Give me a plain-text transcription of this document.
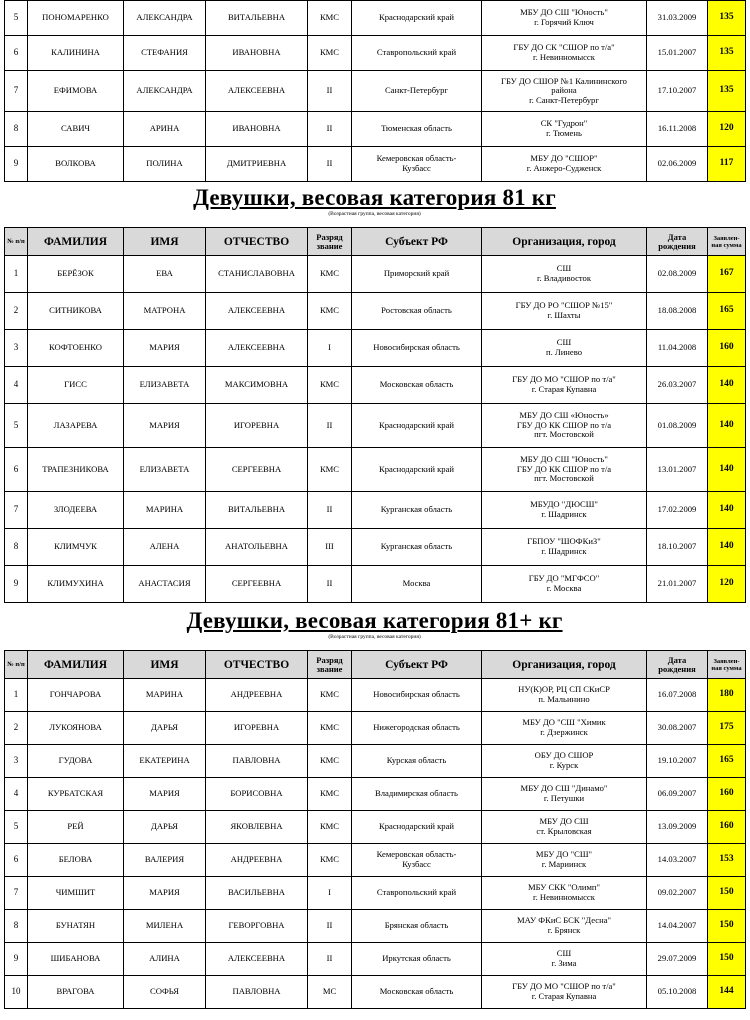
5	ПОНОМАРЕНКО	АЛЕКСАНДРА	ВИТАЛЬЕВНА	КМС	Краснодарский край	МБУ ДО СШ "Юность"
г. Горячий Ключ	31.03.2009	135
6	КАЛИНИНА	СТЕФАНИЯ	ИВАНОВНА	КМС	Ставропольский край	ГБУ ДО СК "СШОР по т/а"
г. Невинномысск	15.01.2007	135
7	ЕФИМОВА	АЛЕКСАНДРА	АЛЕКСЕЕВНА	II	Санкт-Петербург	ГБУ ДО СШОР №1 Калининского
района
г. Санкт-Петербург	17.10.2007	135
8	САВИЧ	АРИНА	ИВАНОВНА	II	Тюменская область	СК "Гудрон"
г. Тюмень	16.11.2008	120
9	ВОЛКОВА	ПОЛИНА	ДМИТРИЕВНА	II	Кемеровская область-
Кузбасс	МБУ ДО "СШОР"
г. Анжеро-Судженск	02.06.2009	117
Девушки, весовая категория 81 кг

(Возрастная группа, весовая категория)

№ п/п	ФАМИЛИЯ	ИМЯ	ОТЧЕСТВО	Разряд звание	Субъект РФ	Организация, город	Дата рождения	Заявлен- ная сумма
1	БЕРЁЗОК	ЕВА	СТАНИСЛАВОВНА	КМС	Приморский край	СШ
г. Владивосток	02.08.2009	167
2	СИТНИКОВА	МАТРОНА	АЛЕКСЕЕВНА	КМС	Ростовская область	ГБУ ДО РО "СШОР №15"
г. Шахты	18.08.2008	165
3	КОФТОЕНКО	МАРИЯ	АЛЕКСЕЕВНА	I	Новосибирская область	СШ
п. Линево	11.04.2008	160
4	ГИСС	ЕЛИЗАВЕТА	МАКСИМОВНА	КМС	Московская область	ГБУ ДО МО "СШОР по т/а"
г. Старая Купавна	26.03.2007	140
5	ЛАЗАРЕВА	МАРИЯ	ИГОРЕВНА	II	Краснодарский край	МБУ ДО СШ «Юность»
ГБУ ДО КК СШОР по т/а
пгт. Мостовской	01.08.2009	140
6	ТРАПЕЗНИКОВА	ЕЛИЗАВЕТА	СЕРГЕЕВНА	КМС	Краснодарский край	МБУ ДО СШ "Юность"
ГБУ ДО КК СШОР по т/а
пгт. Мостовской	13.01.2007	140
7	ЗЛОДЕЕВА	МАРИНА	ВИТАЛЬЕВНА	II	Курганская область	МБУДО "ДЮСШ"
г. Шадринск	17.02.2009	140
8	КЛИМЧУК	АЛЕНА	АНАТОЛЬЕВНА	III	Курганская область	ГБПОУ "ШОФКиЗ"
г. Шадринск	18.10.2007	140
9	КЛИМУХИНА	АНАСТАСИЯ	СЕРГЕЕВНА	II	Москва	ГБУ ДО "МГФСО"
г. Москва	21.01.2007	120
Девушки, весовая категория 81+ кг

(Возрастная группа, весовая категория)

№ п/п	ФАМИЛИЯ	ИМЯ	ОТЧЕСТВО	Разряд звание	Субъект РФ	Организация, город	Дата рождения	Заявлен- ная сумма
1	ГОНЧАРОВА	МАРИНА	АНДРЕЕВНА	КМС	Новосибирская область	НУ(К)ОР, РЦ СП СКиСР
п. Мальинино	16.07.2008	180
2	ЛУКОЯНОВА	ДАРЬЯ	ИГОРЕВНА	КМС	Нижегородская область	МБУ ДО "СШ "Химик
г. Дзержинск	30.08.2007	175
3	ГУДОВА	ЕКАТЕРИНА	ПАВЛОВНА	КМС	Курская область	ОБУ ДО СШОР
г. Курск	19.10.2007	165
4	КУРБАТСКАЯ	МАРИЯ	БОРИСОВНА	КМС	Владимирская область	МБУ ДО СШ "Динамо"
г. Петушки	06.09.2007	160
5	РЕЙ	ДАРЬЯ	ЯКОВЛЕВНА	КМС	Краснодарский край	МБУ ДО СШ
ст. Крыловская	13.09.2009	160
6	БЕЛОВА	ВАЛЕРИЯ	АНДРЕЕВНА	КМС	Кемеровская область-
Кузбасс	МБУ ДО "СШ"
г. Мариинск	14.03.2007	153
7	ЧИМШИТ	МАРИЯ	ВАСИЛЬЕВНА	I	Ставропольский край	МБУ СКК "Олимп"
г. Невинномысск	09.02.2007	150
8	БУНАТЯН	МИЛЕНА	ГЕВОРГОВНА	II	Брянская область	МАУ ФКиС БСК "Десна"
г. Брянск	14.04.2007	150
9	ШИБАНОВА	АЛИНА	АЛЕКСЕЕВНА	II	Иркутская область	СШ
г. Зима	29.07.2009	150
10	ВРАГОВА	СОФЬЯ	ПАВЛОВНА	МС	Московская область	ГБУ ДО МО "СШОР по т/а"
г. Старая Купавна	05.10.2008	144
